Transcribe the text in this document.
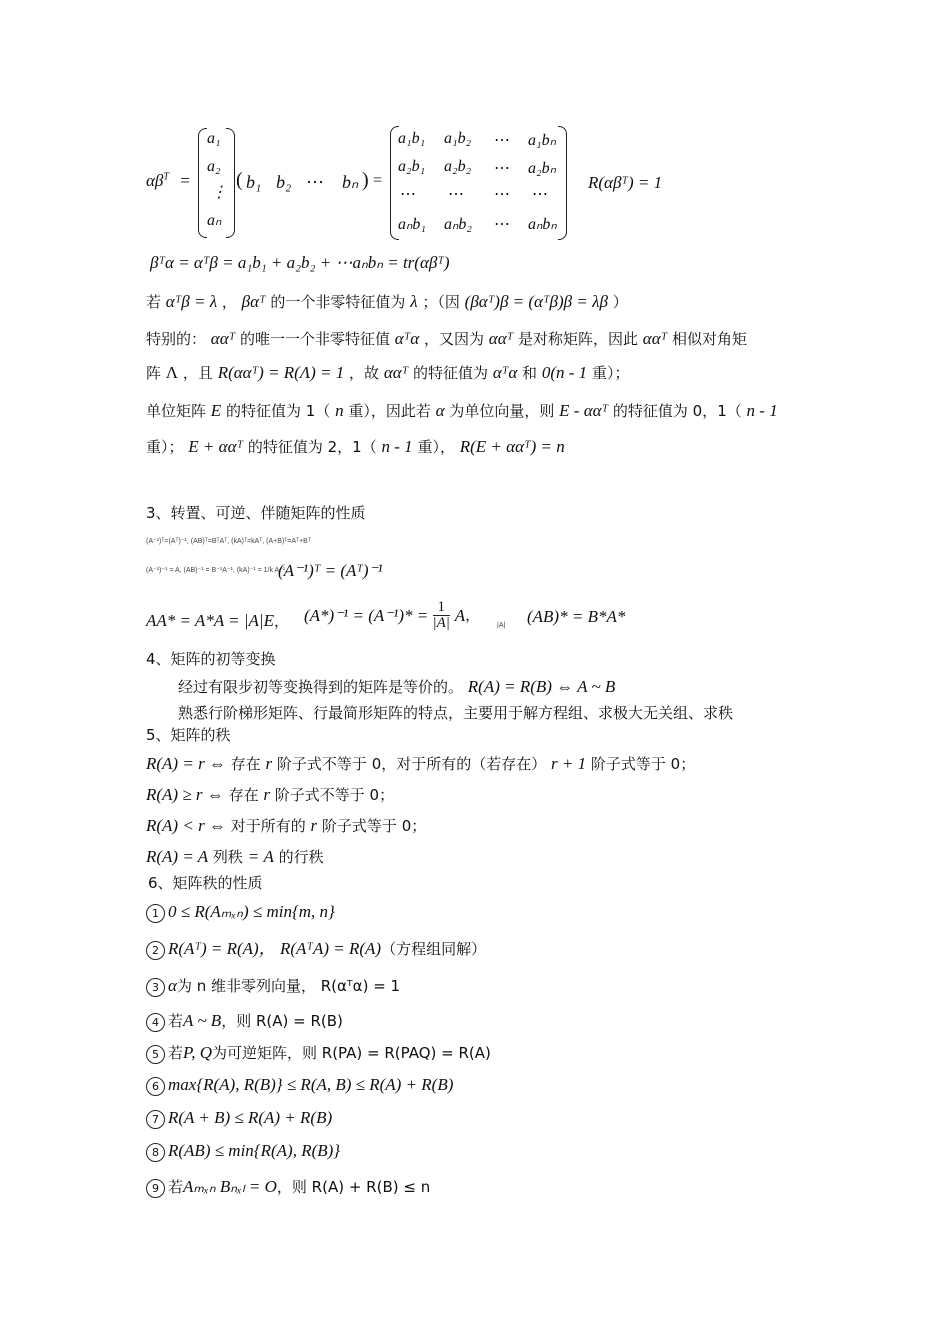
$\alpha\beta^T$ =
a₁
a₂
⋮
aₙ
( b₁ b₂ ⋯ bₙ ) =
a₁b₁ a₁b₂ ⋯ a₁bₙ
a₂b₁ a₂b₂ ⋯ a₂bₙ
⋯ ⋯ ⋯ ⋯
aₙb₁ aₙb₂ ⋯ aₙbₙ
R(αβᵀ) = 1
βᵀα = αᵀβ = a₁b₁ + a₂b₂ + ⋯aₙbₙ = tr(αβᵀ)
若 αᵀβ = λ ， βαᵀ 的一个非零特征值为 λ ；（因 (βαᵀ)β = (αᵀβ)β = λβ ）
特别的： ααᵀ 的唯一一个非零特征值 αᵀα ，又因为 ααᵀ 是对称矩阵，因此 ααᵀ 相似对角矩
阵 Λ ，且 R(ααᵀ) = R(Λ) = 1 ，故 ααᵀ 的特征值为 αᵀα 和 0(n - 1 重）；
单位矩阵 E 的特征值为 1（ n 重），因此若 α 为单位向量，则 E - ααᵀ 的特征值为 0，1（ n - 1
重）； E + ααᵀ 的特征值为 2，1（ n - 1 重）， R(E + ααᵀ) = n
3、转置、可逆、伴随矩阵的性质
(A⁻¹)ᵀ=(Aᵀ)⁻¹, (AB)ᵀ=BᵀAᵀ, (kA)ᵀ=kAᵀ, (A+B)ᵀ=Aᵀ+Bᵀ
(A⁻¹)⁻¹ = A, (AB)⁻¹ = B⁻¹A⁻¹, (kA)⁻¹ = 1/k A⁻¹,
(A⁻¹)ᵀ = (Aᵀ)⁻¹
AA* = A*A = |A|E， $(A*)^{-1} = (A^{-1})* = \frac{1}{|A|}$ A，
|A| (AB)* = B*A*
4、矩阵的初等变换
经过有限步初等变换得到的矩阵是等价的。 R(A) = R(B) ⇔ A ~ B
熟悉行阶梯形矩阵、行最简形矩阵的特点，主要用于解方程组、求极大无关组、求秩
5、矩阵的秩
R(A) = r ⇔ 存在 r 阶子式不等于 0，对于所有的（若存在） r + 1 阶子式等于 0；
R(A) ≥ r ⇔ 存在 r 阶子式不等于 0；
R(A) < r ⇔ 对于所有的 r 阶子式等于 0；
R(A) = A 列秩 = A 的行秩
6、矩阵秩的性质
1 0 ≤ R(Aₘₓₙ) ≤ min{m, n}
2 R(Aᵀ) = R(A)， R(AᵀA) = R(A)（方程组同解）
3 α为 n 维非零列向量， R(αᵀα) = 1
4 若A ~ B，则 R(A) = R(B)
5 若P, Q为可逆矩阵，则 R(PA) = R(PAQ) = R(A)
6 max{R(A), R(B)} ≤ R(A, B) ≤ R(A) + R(B)
7 R(A + B) ≤ R(A) + R(B)
8 R(AB) ≤ min{R(A), R(B)}
9 若Aₘₓₙ Bₙₓₗ = O，则 R(A) + R(B) ≤ n
